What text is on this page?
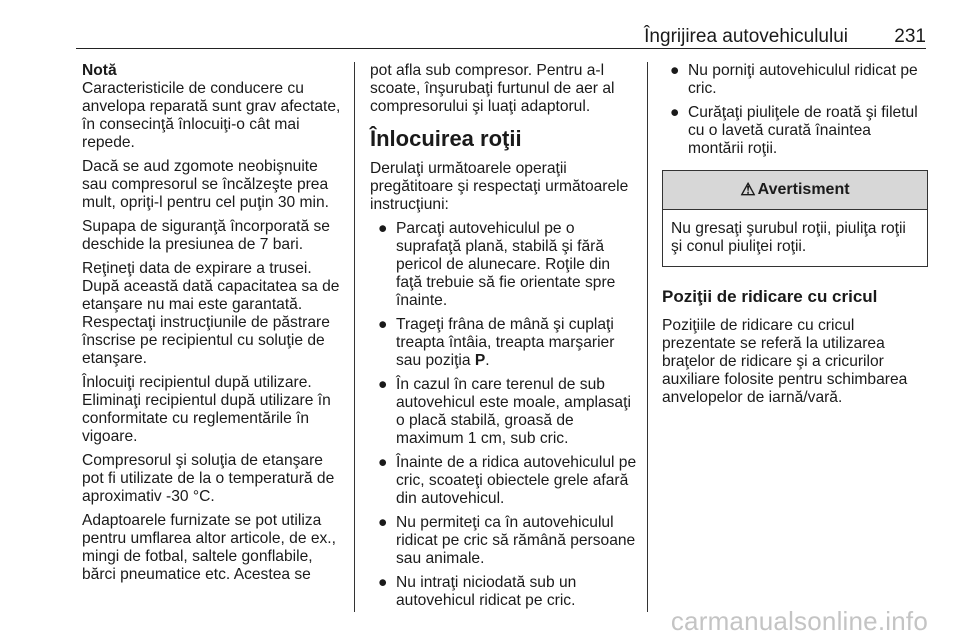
Îngrijirea autovehiculului 231

Notă

Caracteristicile de conducere cu anvelopa reparată sunt grav afectate, în consecinţă înlocuiţi-o cât mai repede.

Dacă se aud zgomote neobişnuite sau compresorul se încălzeşte prea mult, opriţi-l pentru cel puţin 30 min.

Supapa de siguranţă încorporată se deschide la presiunea de 7 bari.

Reţineţi data de expirare a trusei. După această dată capacitatea sa de etanşare nu mai este garantată. Respectaţi instrucţiunile de păstrare înscrise pe recipientul cu soluţie de etanşare.

Înlocuiţi recipientul după utilizare. Eliminaţi recipientul după utilizare în conformitate cu reglementările în vigoare.

Compresorul şi soluţia de etanşare pot fi utilizate de la o temperatură de aproximativ -30 °C.

Adaptoarele furnizate se pot utiliza pentru umflarea altor articole, de ex., mingi de fotbal, saltele gonflabile, bărci pneumatice etc. Acestea se

pot afla sub compresor. Pentru a-l scoate, înşurubaţi furtunul de aer al compresorului şi luaţi adaptorul.

Înlocuirea roţii

Derulaţi următoarele operaţii pregătitoare şi respectaţi următoarele instrucţiuni:

● Parcaţi autovehiculul pe o suprafaţă plană, stabilă şi fără pericol de alunecare. Roţile din faţă trebuie să fie orientate spre înainte.
● Trageţi frâna de mână şi cuplaţi treapta întâia, treapta marşarier sau poziţia P.
● În cazul în care terenul de sub autovehicul este moale, amplasaţi o placă stabilă, groasă de maximum 1 cm, sub cric.
● Înainte de a ridica autovehiculul pe cric, scoateţi obiectele grele afară din autovehicul.
● Nu permiteţi ca în autovehiculul ridicat pe cric să rămână persoane sau animale.
● Nu intraţi niciodată sub un autovehicul ridicat pe cric.
● Nu porniţi autovehiculul ridicat pe cric.
● Curăţaţi piuliţele de roată şi filetul cu o lavetă curată înaintea montării roţii.
⚠ Avertisment
Nu gresaţi şurubul roţii, piuliţa roţii şi conul piuliţei roţii.
Poziţii de ridicare cu cricul

Poziţiile de ridicare cu cricul prezentate se referă la utilizarea braţelor de ridicare şi a cricurilor auxiliare folosite pentru schimbarea anvelopelor de iarnă/vară.

carmanualsonline.info
